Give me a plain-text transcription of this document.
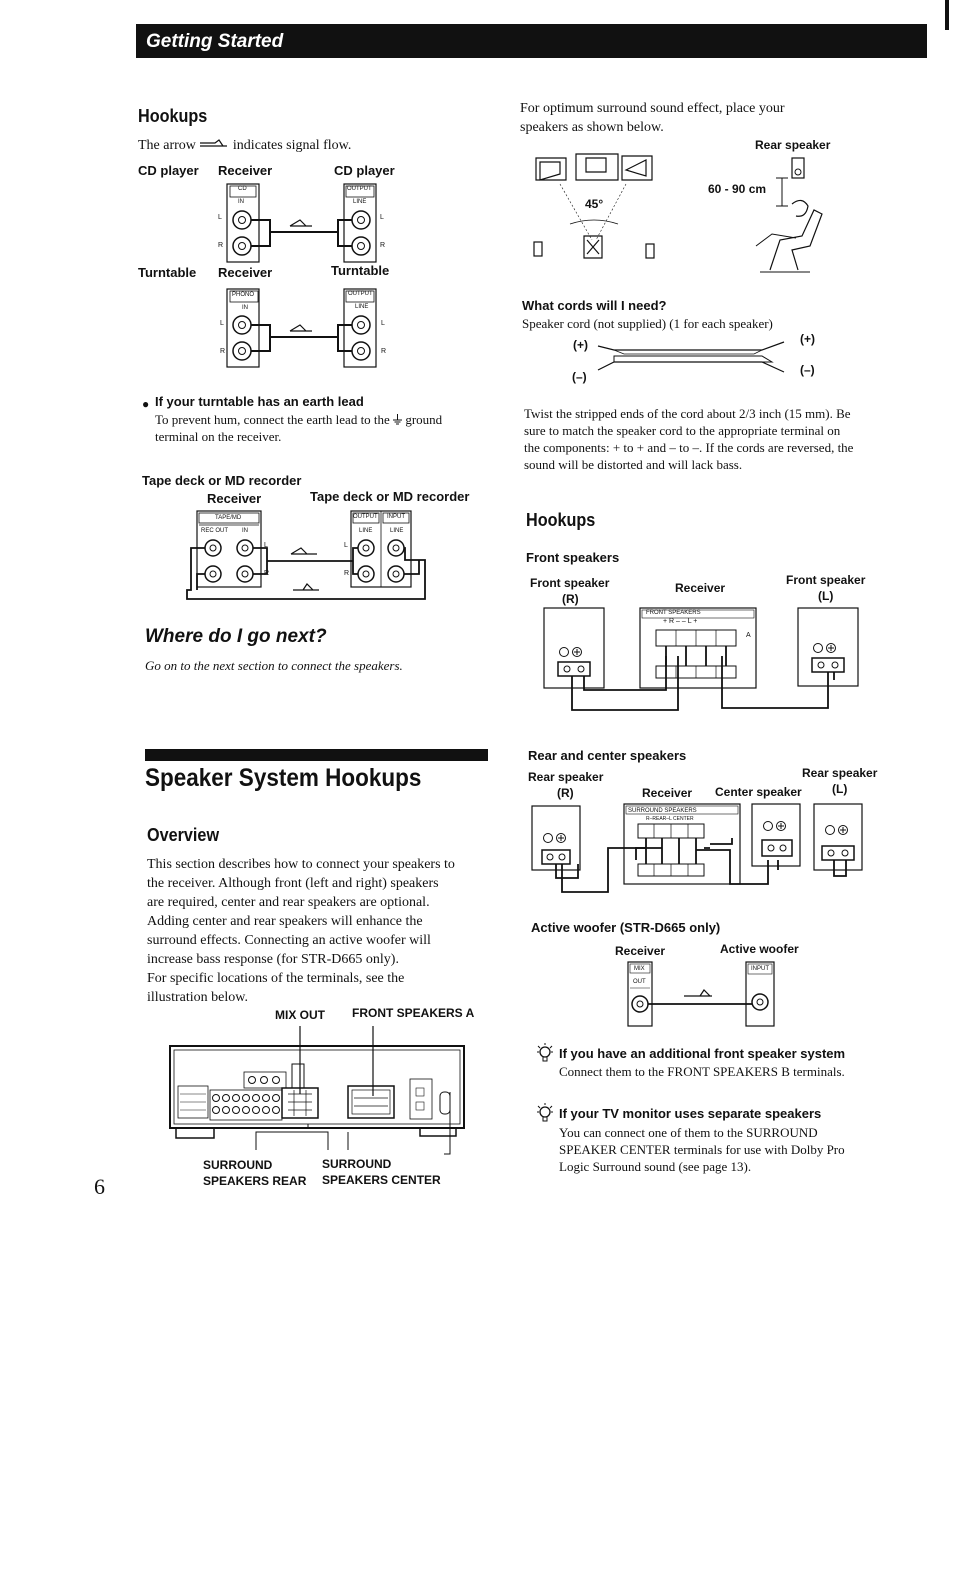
Getting Started
Hookups
The arrow	indicates signal flow.
CD player Receiver	CD player
CD
IN
OUTPUT
LINE
L
R
L
R
Turntable Receiver	Turntable
PHONO
IN
OUTPUT
LINE
L
R
L
R
● If your turntable has an earth lead
To prevent hum, connect the earth lead to the ground terminal on the receiver.
Tape deck or MD recorder
Receiver	Tape deck or MD recorder
TAPE/MD
REC OUT IN
OUTPUT INPUT
LINE	LINE
L
R
L
R
Where do I go next?
Go on to the next section to connect the speakers.
Speaker System Hookups
Overview
This section describes how to connect your speakers to
the receiver. Although front (left and right) speakers
are required, center and rear speakers are optional.
Adding center and rear speakers will enhance the
surround effects. Connecting an active woofer will
increase bass response (for STR-D665 only).
For specific locations of the terminals, see the
illustration below.
MIX OUT FRONT SPEAKERS A
SURROUND
SPEAKERS REAR
SURROUND
SPEAKERS CENTER
6
For optimum surround sound effect, place your
speakers as shown below.
Rear speaker
60 - 90 cm
45°
What cords will I need?
Speaker cord (not supplied) (1 for each speaker)
(+)	(+)
(–)	(–)
Twist the stripped ends of the cord about 2/3 inch (15 mm). Be
sure to match the speaker cord to the appropriate terminal on
the components: + to + and – to –. If the cords are reversed, the
sound will be distorted and will lack bass.
Hookups
Front speakers
Front speaker
(R)
Receiver
Front speaker
(L)
FRONT SPEAKERS
+ R – – L +
A
Rear and center speakers
Rear speaker
(R)	Receiver Center speaker
Rear speaker
(L)
SURROUND SPEAKERS
R–REAR–L CENTER
Active woofer (STR-D665 only)
Receiver	Active woofer
MIX
OUT
INPUT
If you have an additional front speaker system
Connect them to the FRONT SPEAKERS B terminals.
If your TV monitor uses separate speakers
You can connect one of them to the SURROUND
SPEAKER CENTER terminals for use with Dolby Pro
Logic Surround sound (see page 13).
